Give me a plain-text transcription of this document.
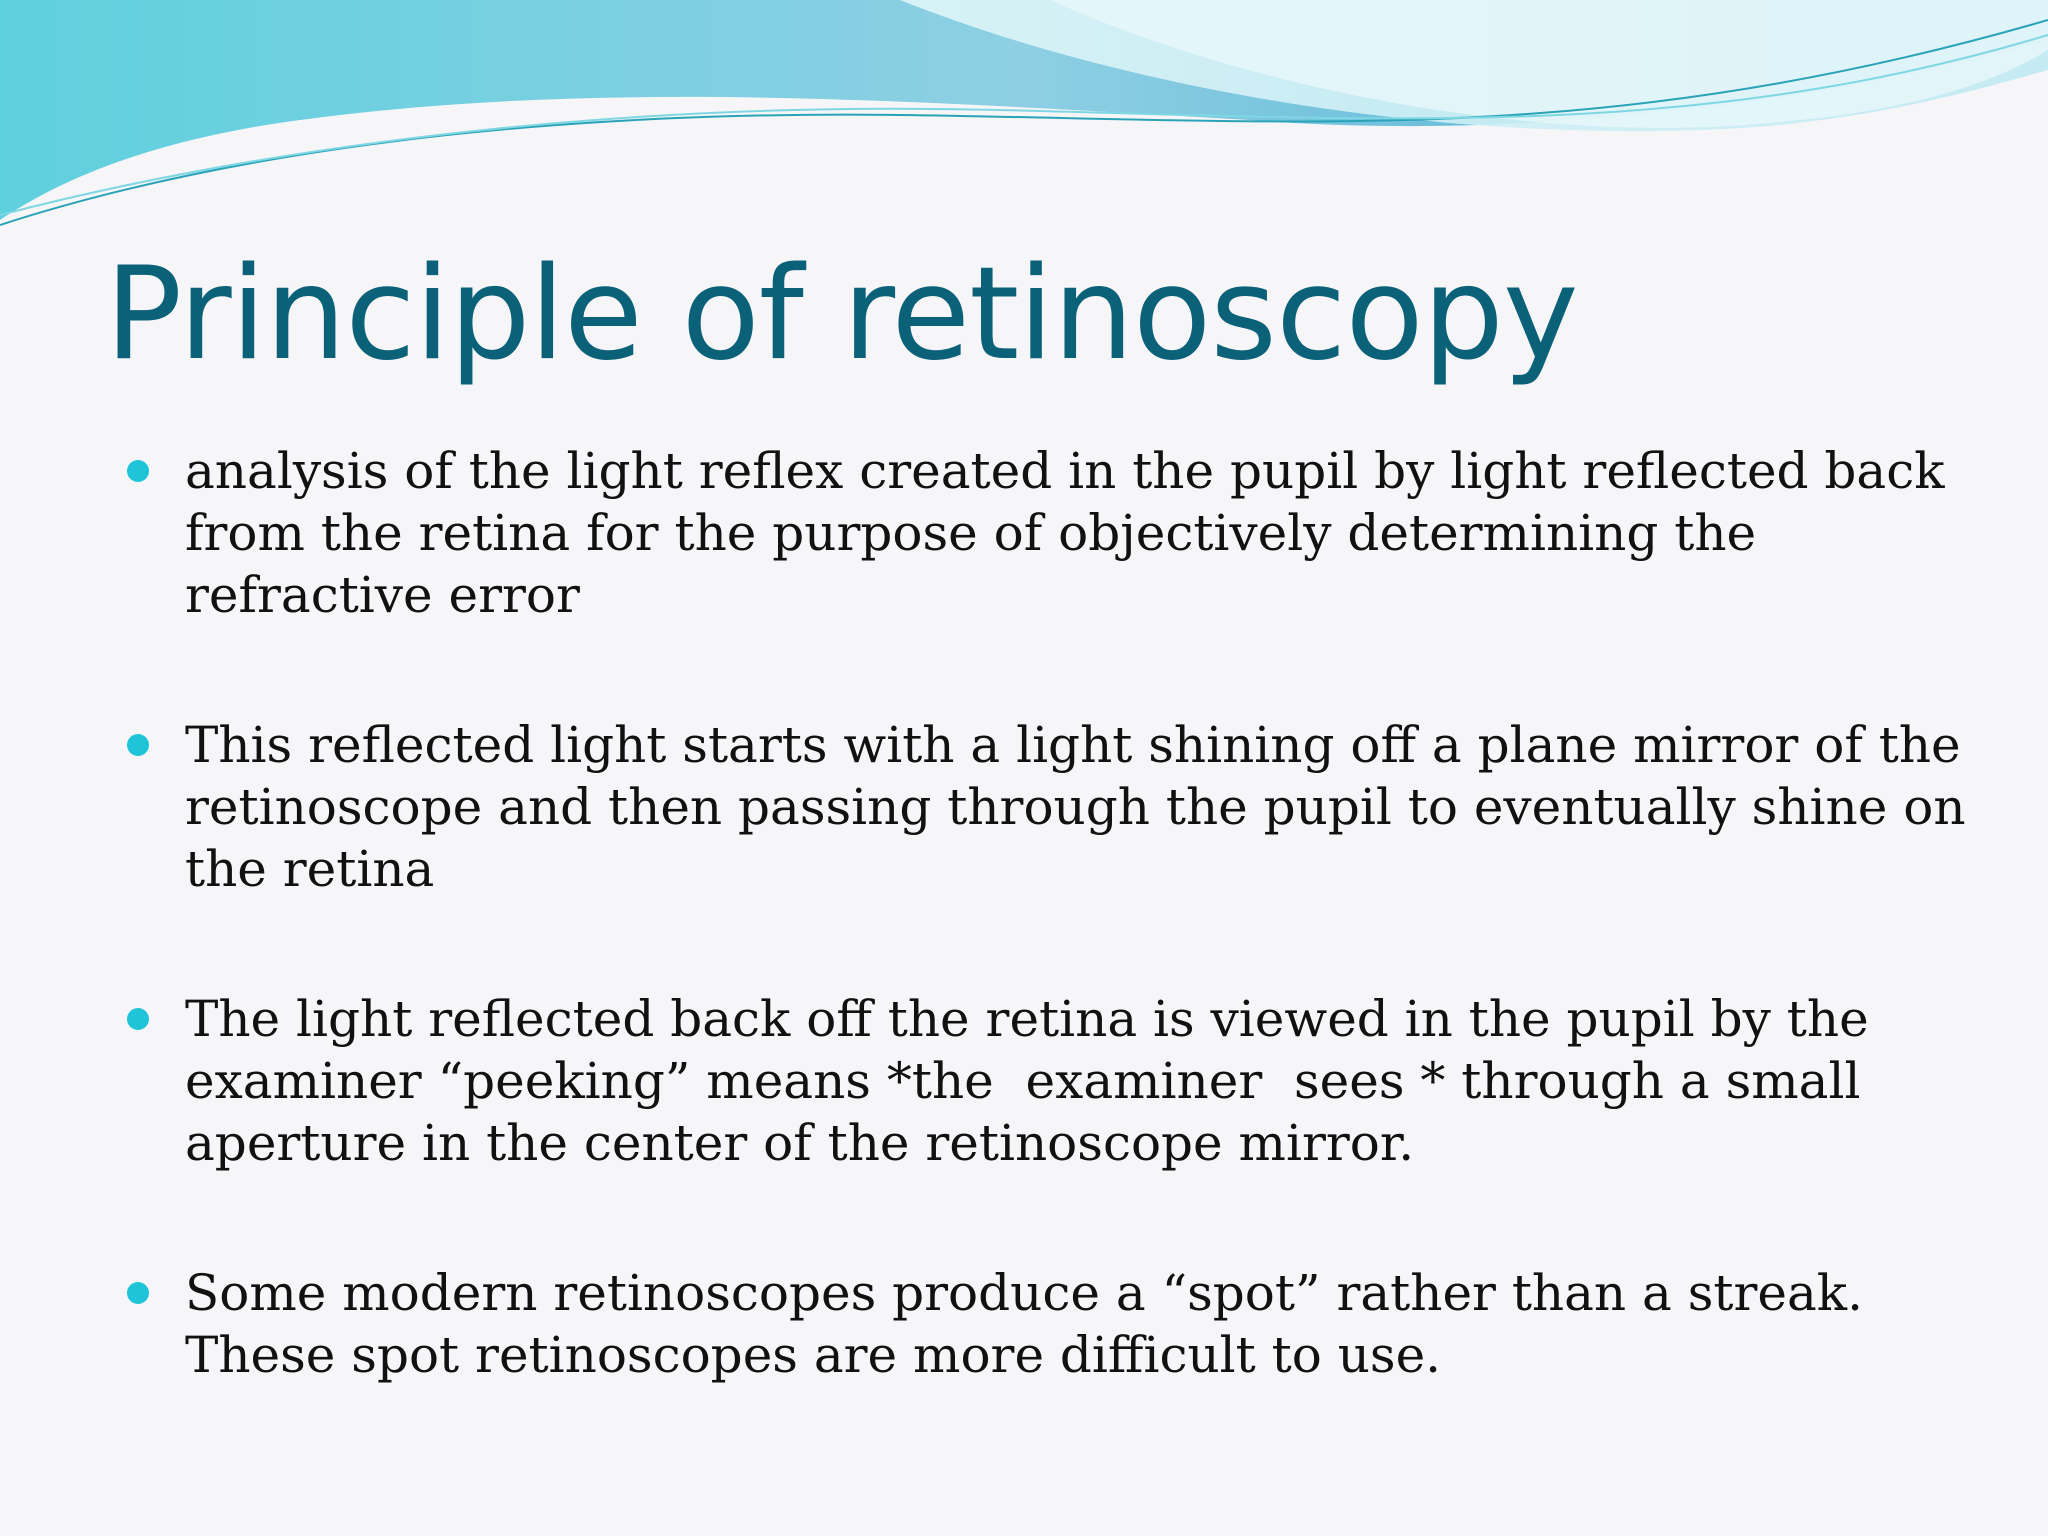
Principle of retinoscopy
analysis of the light reflex created in the pupil by light reflected back from the retina for the purpose of objectively determining the refractive error
This reflected light starts with a light shining off a plane mirror of the retinoscope and then passing through the pupil to eventually shine on the retina
The light reflected back off the retina is viewed in the pupil by the examiner “peeking” means *the  examiner  sees * through a small aperture in the center of the retinoscope mirror.
Some modern retinoscopes produce a “spot” rather than a streak. These spot retinoscopes are more difficult to use.
